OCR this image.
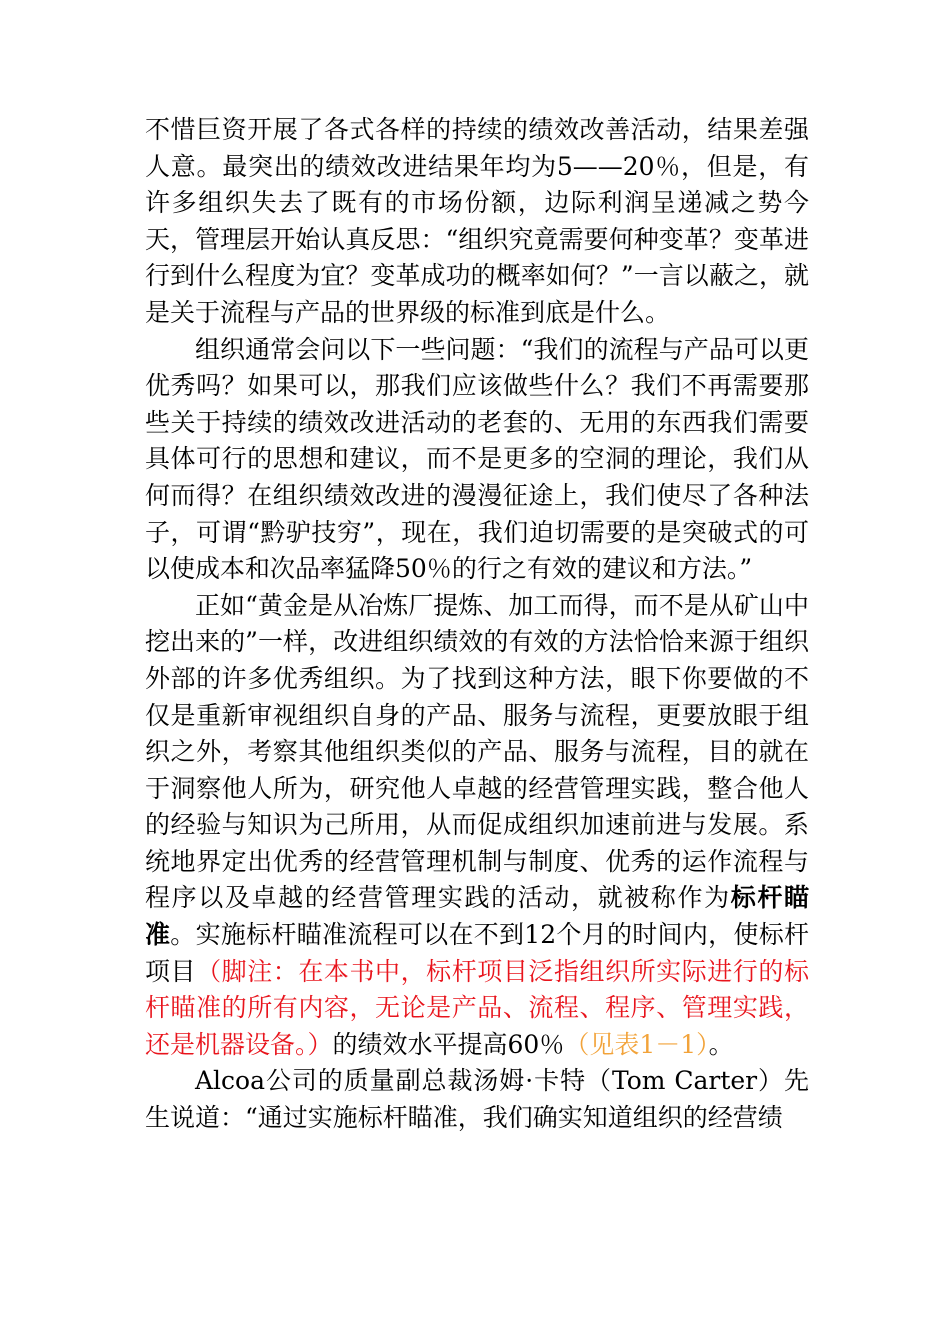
不惜巨资开展了各式各样的持续的绩效改善活动，结果差强人意。最突出的绩效改进结果年均为5——20％，但是，有许多组织失去了既有的市场份额，边际利润呈递减之势今天，管理层开始认真反思：“组织究竟需要何种变革？变革进行到什么程度为宜？变革成功的概率如何？”一言以蔽之，就是关于流程与产品的世界级的标准到底是什么。

组织通常会问以下一些问题：“我们的流程与产品可以更优秀吗？如果可以，那我们应该做些什么？我们不再需要那些关于持续的绩效改进活动的老套的、无用的东西我们需要具体可行的思想和建议，而不是更多的空洞的理论，我们从何而得？在组织绩效改进的漫漫征途上，我们使尽了各种法子，可谓“黔驴技穷”，现在，我们迫切需要的是突破式的可以使成本和次品率猛降50％的行之有效的建议和方法。”

正如“黄金是从冶炼厂提炼、加工而得，而不是从矿山中挖出来的”一样，改进组织绩效的有效的方法恰恰来源于组织外部的许多优秀组织。为了找到这种方法，眼下你要做的不仅是重新审视组织自身的产品、服务与流程，更要放眼于组织之外，考察其他组织类似的产品、服务与流程，目的就在于洞察他人所为，研究他人卓越的经营管理实践，整合他人的经验与知识为己所用，从而促成组织加速前进与发展。系统地界定出优秀的经营管理机制与制度、优秀的运作流程与程序以及卓越的经营管理实践的活动，就被称作为标杆瞄准。实施标杆瞄准流程可以在不到12个月的时间内，使标杆项目（脚注：在本书中，标杆项目泛指组织所实际进行的标杆瞄准的所有内容，无论是产品、流程、程序、管理实践，还是机器设备。）的绩效水平提高60％（见表1－1）。

Alcoa公司的质量副总裁汤姆·卡特（Tom Carter）先生说道：“通过实施标杆瞄准，我们确实知道组织的经营绩
